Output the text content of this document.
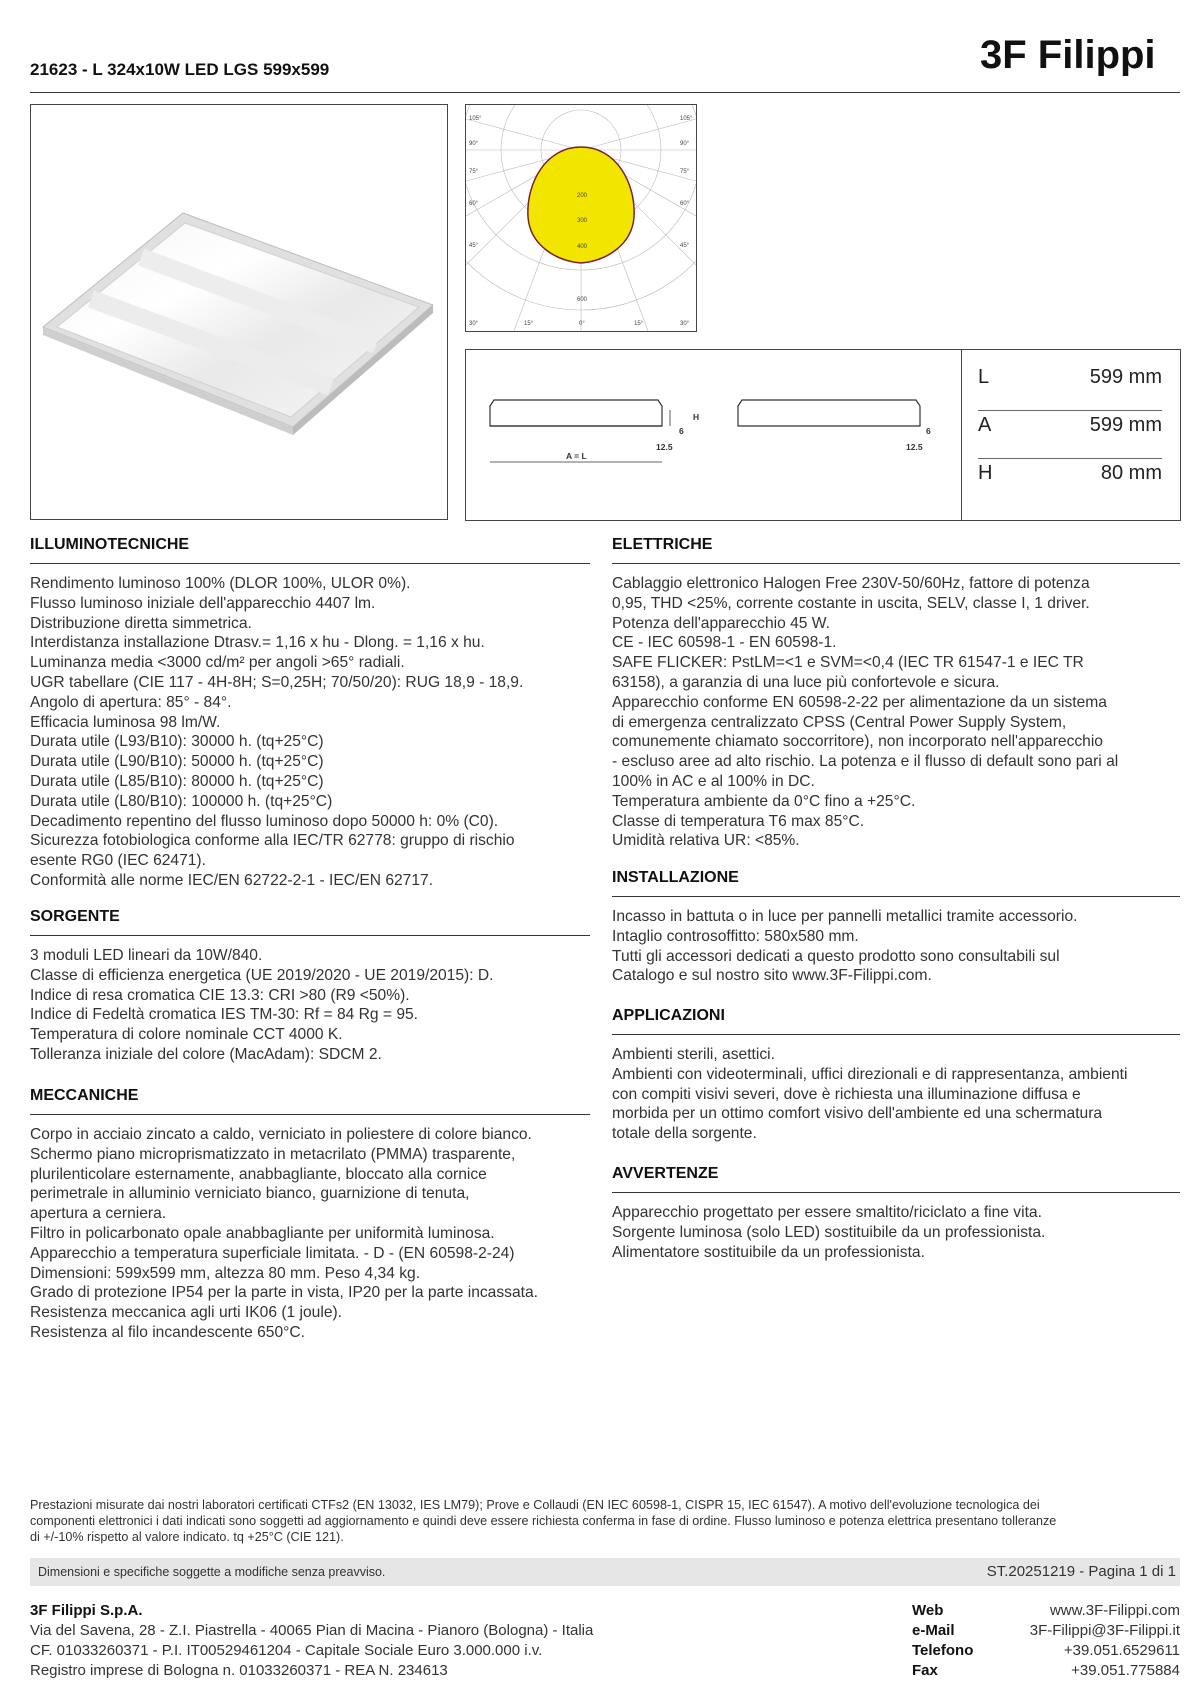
21623 - L 324x10W LED LGS 599x599	3F Filippi
105°
90°
75°
60°
45°
105°
90°
75°
60°
45°
30°	15°	0°	15°	30°
200
300
400
600
H
6	6
12.5	12.5
A = L
L	599 mm
A	599 mm
H	80 mm
ILLUMINOTECNICHE
Rendimento luminoso 100% (DLOR 100%, ULOR 0%).
Flusso luminoso iniziale dell'apparecchio 4407 lm.
Distribuzione diretta simmetrica.
Interdistanza installazione Dtrasv.= 1,16 x hu - Dlong. = 1,16 x hu.
Luminanza media <3000 cd/m² per angoli >65° radiali.
UGR tabellare (CIE 117 - 4H-8H; S=0,25H; 70/50/20): RUG 18,9 - 18,9.
Angolo di apertura: 85° - 84°.
Efficacia luminosa 98 lm/W.
Durata utile (L93/B10): 30000 h. (tq+25°C)
Durata utile (L90/B10): 50000 h. (tq+25°C)
Durata utile (L85/B10): 80000 h. (tq+25°C)
Durata utile (L80/B10): 100000 h. (tq+25°C)
Decadimento repentino del flusso luminoso dopo 50000 h: 0% (C0).
Sicurezza fotobiologica conforme alla IEC/TR 62778: gruppo di rischio
esente RG0 (IEC 62471).
Conformità alle norme IEC/EN 62722-2-1 - IEC/EN 62717.
SORGENTE
3 moduli LED lineari da 10W/840.
Classe di efficienza energetica (UE 2019/2020 - UE 2019/2015): D.
Indice di resa cromatica CIE 13.3: CRI >80 (R9 <50%).
Indice di Fedeltà cromatica IES TM-30: Rf = 84 Rg = 95.
Temperatura di colore nominale CCT 4000 K.
Tolleranza iniziale del colore (MacAdam): SDCM 2.
MECCANICHE
Corpo in acciaio zincato a caldo, verniciato in poliestere di colore bianco.
Schermo piano microprismatizzato in metacrilato (PMMA) trasparente,
plurilenticolare esternamente, anabbagliante, bloccato alla cornice
perimetrale in alluminio verniciato bianco, guarnizione di tenuta,
apertura a cerniera.
Filtro in policarbonato opale anabbagliante per uniformità luminosa.
Apparecchio a temperatura superficiale limitata. - D - (EN 60598-2-24)
Dimensioni: 599x599 mm, altezza 80 mm. Peso 4,34 kg.
Grado di protezione IP54 per la parte in vista, IP20 per la parte incassata.
Resistenza meccanica agli urti IK06 (1 joule).
Resistenza al filo incandescente 650°C.
ELETTRICHE
Cablaggio elettronico Halogen Free 230V-50/60Hz, fattore di potenza
0,95, THD <25%, corrente costante in uscita, SELV, classe I, 1 driver.
Potenza dell'apparecchio 45 W.
CE - IEC 60598-1 - EN 60598-1.
SAFE FLICKER: PstLM=<1 e SVM=<0,4 (IEC TR 61547-1 e IEC TR
63158), a garanzia di una luce più confortevole e sicura.
Apparecchio conforme EN 60598-2-22 per alimentazione da un sistema
di emergenza centralizzato CPSS (Central Power Supply System,
comunemente chiamato soccorritore), non incorporato nell'apparecchio
- escluso aree ad alto rischio. La potenza e il flusso di default sono pari al
100% in AC e al 100% in DC.
Temperatura ambiente da 0°C fino a +25°C.
Classe di temperatura T6 max 85°C.
Umidità relativa UR: <85%.
INSTALLAZIONE
Incasso in battuta o in luce per pannelli metallici tramite accessorio.
Intaglio controsoffitto: 580x580 mm.
Tutti gli accessori dedicati a questo prodotto sono consultabili sul
Catalogo e sul nostro sito www.3F-Filippi.com.
APPLICAZIONI
Ambienti sterili, asettici.
Ambienti con videoterminali, uffici direzionali e di rappresentanza, ambienti
con compiti visivi severi, dove è richiesta una illuminazione diffusa e
morbida per un ottimo comfort visivo dell'ambiente ed una schermatura
totale della sorgente.
AVVERTENZE
Apparecchio progettato per essere smaltito/riciclato a fine vita.
Sorgente luminosa (solo LED) sostituibile da un professionista.
Alimentatore sostituibile da un professionista.
Prestazioni misurate dai nostri laboratori certificati CTFs2 (EN 13032, IES LM79); Prove e Collaudi (EN IEC 60598-1, CISPR 15, IEC 61547). A motivo dell'evoluzione tecnologica dei
componenti elettronici i dati indicati sono soggetti ad aggiornamento e quindi deve essere richiesta conferma in fase di ordine. Flusso luminoso e potenza elettrica presentano tolleranze
di +/-10% rispetto al valore indicato. tq +25°C (CIE 121).
Dimensioni e specifiche soggette a modifiche senza preavviso.	ST.20251219 - Pagina 1 di 1
3F Filippi S.p.A.
Via del Savena, 28 - Z.I. Piastrella - 40065 Pian di Macina - Pianoro (Bologna) - Italia
CF. 01033260371 - P.I. IT00529461204 - Capitale Sociale Euro 3.000.000 i.v.
Registro imprese di Bologna n. 01033260371 - REA N. 234613
Web	www.3F-Filippi.com
e-Mail	3F-Filippi@3F-Filippi.it
Telefono	+39.051.6529611
Fax	+39.051.775884
